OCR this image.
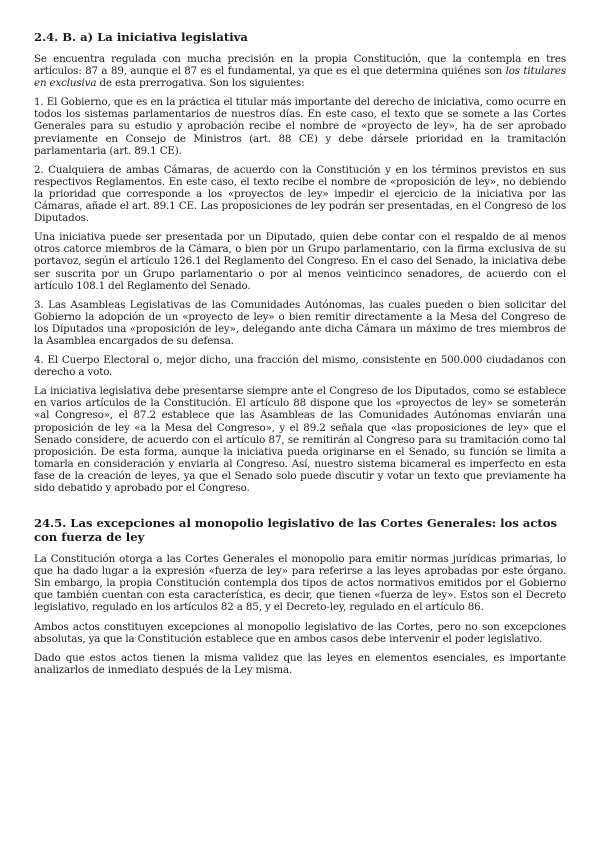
2.4. B. a) La iniciativa legislativa

Se encuentra regulada con mucha precisión en la propia Constitución, que la contempla en tres artículos: 87 a 89, aunque el 87 es el fundamental, ya que es el que determina quiénes son los titulares en exclusiva de esta prerrogativa. Son los siguientes:

1. El Gobierno, que es en la práctica el titular más importante del derecho de iniciativa, como ocurre en todos los sistemas parlamentarios de nuestros días. En este caso, el texto que se somete a las Cortes Generales para su estudio y aprobación recibe el nombre de «proyecto de ley», ha de ser aprobado previamente en Consejo de Ministros (art. 88 CE) y debe dársele prioridad en la tramitación parlamentaria (art. 89.1 CE).

2. Cualquiera de ambas Cámaras, de acuerdo con la Constitución y en los términos previstos en sus respectivos Reglamentos. En este caso, el texto recibe el nombre de «proposición de ley», no debiendo la prioridad que corresponde a los «proyectos de ley» impedir el ejercicio de la iniciativa por las Cámaras, añade el art. 89.1 CE. Las proposiciones de ley podrán ser presentadas, en el Congreso de los Diputados.

Una iniciativa puede ser presentada por un Diputado, quien debe contar con el respaldo de al menos otros catorce miembros de la Cámara, o bien por un Grupo parlamentario, con la firma exclusiva de su portavoz, según el artículo 126.1 del Reglamento del Congreso. En el caso del Senado, la iniciativa debe ser suscrita por un Grupo parlamentario o por al menos veinticinco senadores, de acuerdo con el artículo 108.1 del Reglamento del Senado.

3. Las Asambleas Legislativas de las Comunidades Autónomas, las cuales pueden o bien solicitar del Gobierno la adopción de un «proyecto de ley» o bien remitir directamente a la Mesa del Congreso de los Diputados una «proposición de ley», delegando ante dicha Cámara un máximo de tres miembros de la Asamblea encargados de su defensa.

4. El Cuerpo Electoral o, mejor dicho, una fracción del mismo, consistente en 500.000 ciudadanos con derecho a voto.

La iniciativa legislativa debe presentarse siempre ante el Congreso de los Diputados, como se establece en varios artículos de la Constitución. El artículo 88 dispone que los «proyectos de ley» se someterán «al Congreso», el 87.2 establece que las Asambleas de las Comunidades Autónomas enviarán una proposición de ley «a la Mesa del Congreso», y el 89.2 señala que «las proposiciones de ley» que el Senado considere, de acuerdo con el artículo 87, se remitirán al Congreso para su tramitación como tal proposición. De esta forma, aunque la iniciativa pueda originarse en el Senado, su función se limita a tomarla en consideración y enviarla al Congreso. Así, nuestro sistema bicameral es imperfecto en esta fase de la creación de leyes, ya que el Senado solo puede discutir y votar un texto que previamente ha sido debatido y aprobado por el Congreso.

24.5. Las excepciones al monopolio legislativo de las Cortes Generales: los actos con fuerza de ley

La Constitución otorga a las Cortes Generales el monopolio para emitir normas jurídicas primarias, lo que ha dado lugar a la expresión «fuerza de ley» para referirse a las leyes aprobadas por este órgano. Sin embargo, la propia Constitución contempla dos tipos de actos normativos emitidos por el Gobierno que también cuentan con esta característica, es decir, que tienen «fuerza de ley». Estos son el Decreto legislativo, regulado en los artículos 82 a 85, y el Decreto-ley, regulado en el artículo 86.

Ambos actos constituyen excepciones al monopolio legislativo de las Cortes, pero no son excepciones absolutas, ya que la Constitución establece que en ambos casos debe intervenir el poder legislativo.

Dado que estos actos tienen la misma validez que las leyes en elementos esenciales, es importante analizarlos de inmediato después de la Ley misma.
